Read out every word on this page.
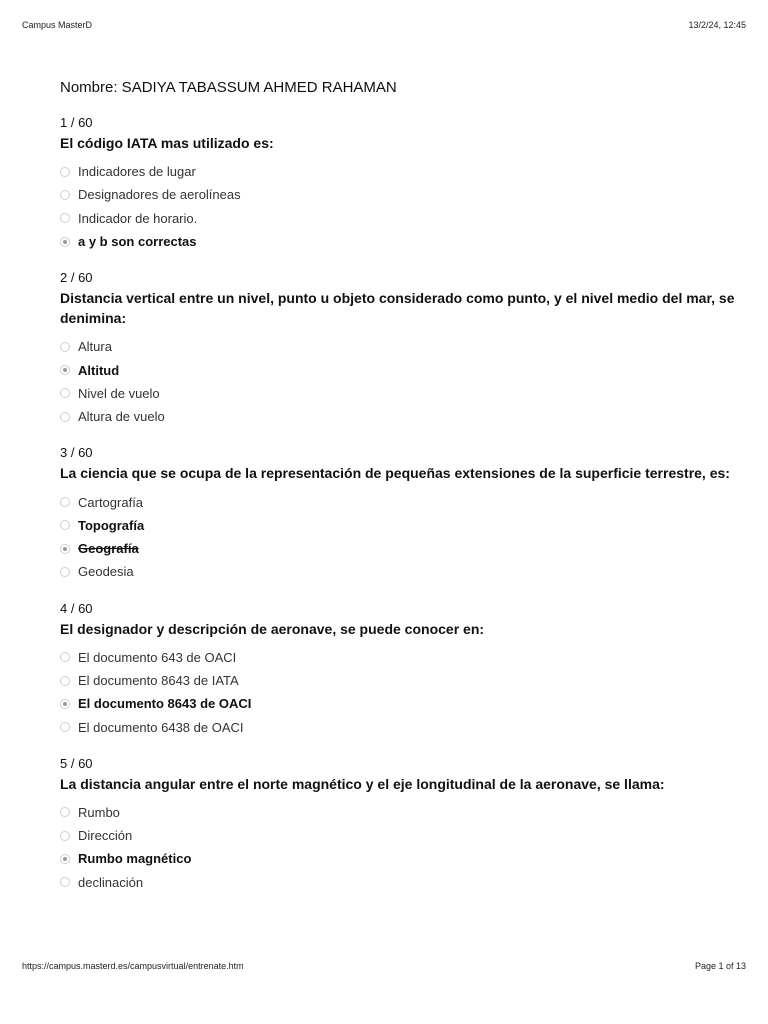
Campus MasterD	13/2/24, 12:45
Nombre: SADIYA TABASSUM AHMED RAHAMAN
1 / 60
El código IATA mas utilizado es:
Indicadores de lugar
Designadores de aerolíneas
Indicador de horario.
a y b son correctas
2 / 60
Distancia vertical entre un nivel, punto u objeto considerado como punto, y el nivel medio del mar, se denimina:
Altura
Altitud
Nivel de vuelo
Altura de vuelo
3 / 60
La ciencia que se ocupa de la representación de pequeñas extensiones de la superficie terrestre, es:
Cartografía
Topografía
Geografía
Geodesia
4 / 60
El designador y descripción de aeronave, se puede conocer en:
El documento 643 de OACI
El documento 8643 de IATA
El documento 8643 de OACI
El documento 6438 de OACI
5 / 60
La distancia angular entre el norte magnético y el eje longitudinal de la aeronave, se llama:
Rumbo
Dirección
Rumbo magnético
declinación
https://campus.masterd.es/campusvirtual/entrenate.htm	Page 1 of 13
